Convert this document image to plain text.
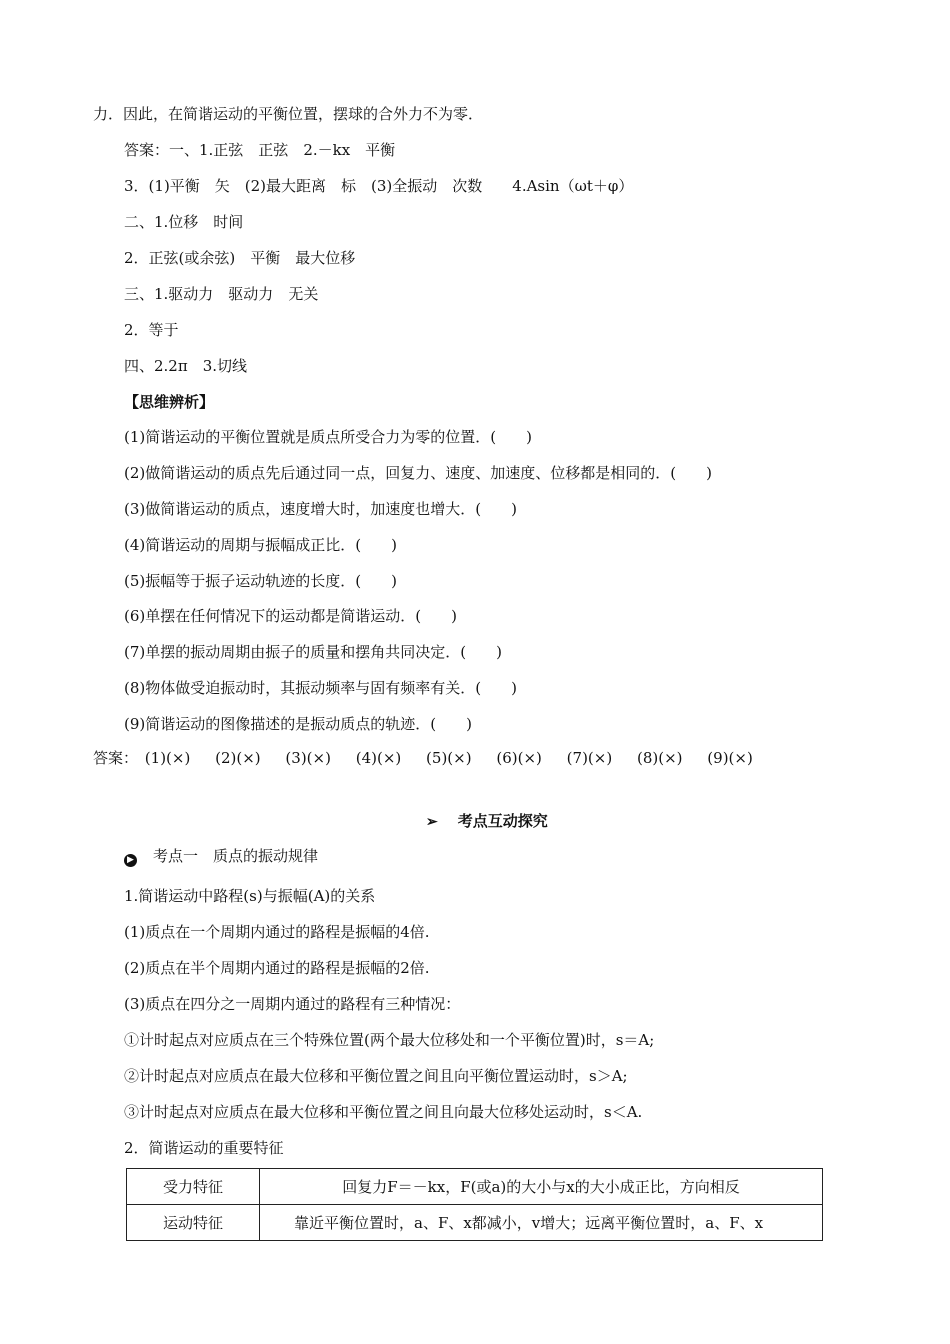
力．因此，在简谐运动的平衡位置，摆球的合外力不为零．
答案：一、1.正弦　正弦　2.－kx　平衡
3．(1)平衡　矢　(2)最大距离　标　(3)全振动　次数　　4.Asin（ωt＋φ）
二、1.位移　时间
2．正弦(或余弦)　平衡　最大位移
三、1.驱动力　驱动力　无关
2．等于
四、2.2π　3.切线
【思维辨析】
(1)简谐运动的平衡位置就是质点所受合力为零的位置．(　　)
(2)做简谐运动的质点先后通过同一点，回复力、速度、加速度、位移都是相同的．(　　)
(3)做简谐运动的质点，速度增大时，加速度也增大．(　　)
(4)简谐运动的周期与振幅成正比．(　　)
(5)振幅等于振子运动轨迹的长度．(　　)
(6)单摆在任何情况下的运动都是简谐运动．(　　)
(7)单摆的振动周期由振子的质量和摆角共同决定．(　　)
(8)物体做受迫振动时，其振动频率与固有频率有关．(　　)
(9)简谐运动的图像描述的是振动质点的轨迹．(　　)
答案： (1)(×) (2)(×) (3)(×) (4)(×) (5)(×) (6)(×) (7)(×) (8)(×) (9)(×)
➢ 考点互动探究
▶ 考点一　质点的振动规律
1.简谐运动中路程(s)与振幅(A)的关系
(1)质点在一个周期内通过的路程是振幅的4倍.
(2)质点在半个周期内通过的路程是振幅的2倍.
(3)质点在四分之一周期内通过的路程有三种情况：
①计时起点对应质点在三个特殊位置(两个最大位移处和一个平衡位置)时，s＝A;
②计时起点对应质点在最大位移和平衡位置之间且向平衡位置运动时，s＞A;
③计时起点对应质点在最大位移和平衡位置之间且向最大位移处运动时，s＜A.
2．简谐运动的重要特征
受力特征	回复力F＝－kx，F(或a)的大小与x的大小成正比，方向相反
运动特征	靠近平衡位置时，a、F、x都减小，v增大；远离平衡位置时，a、F、x
